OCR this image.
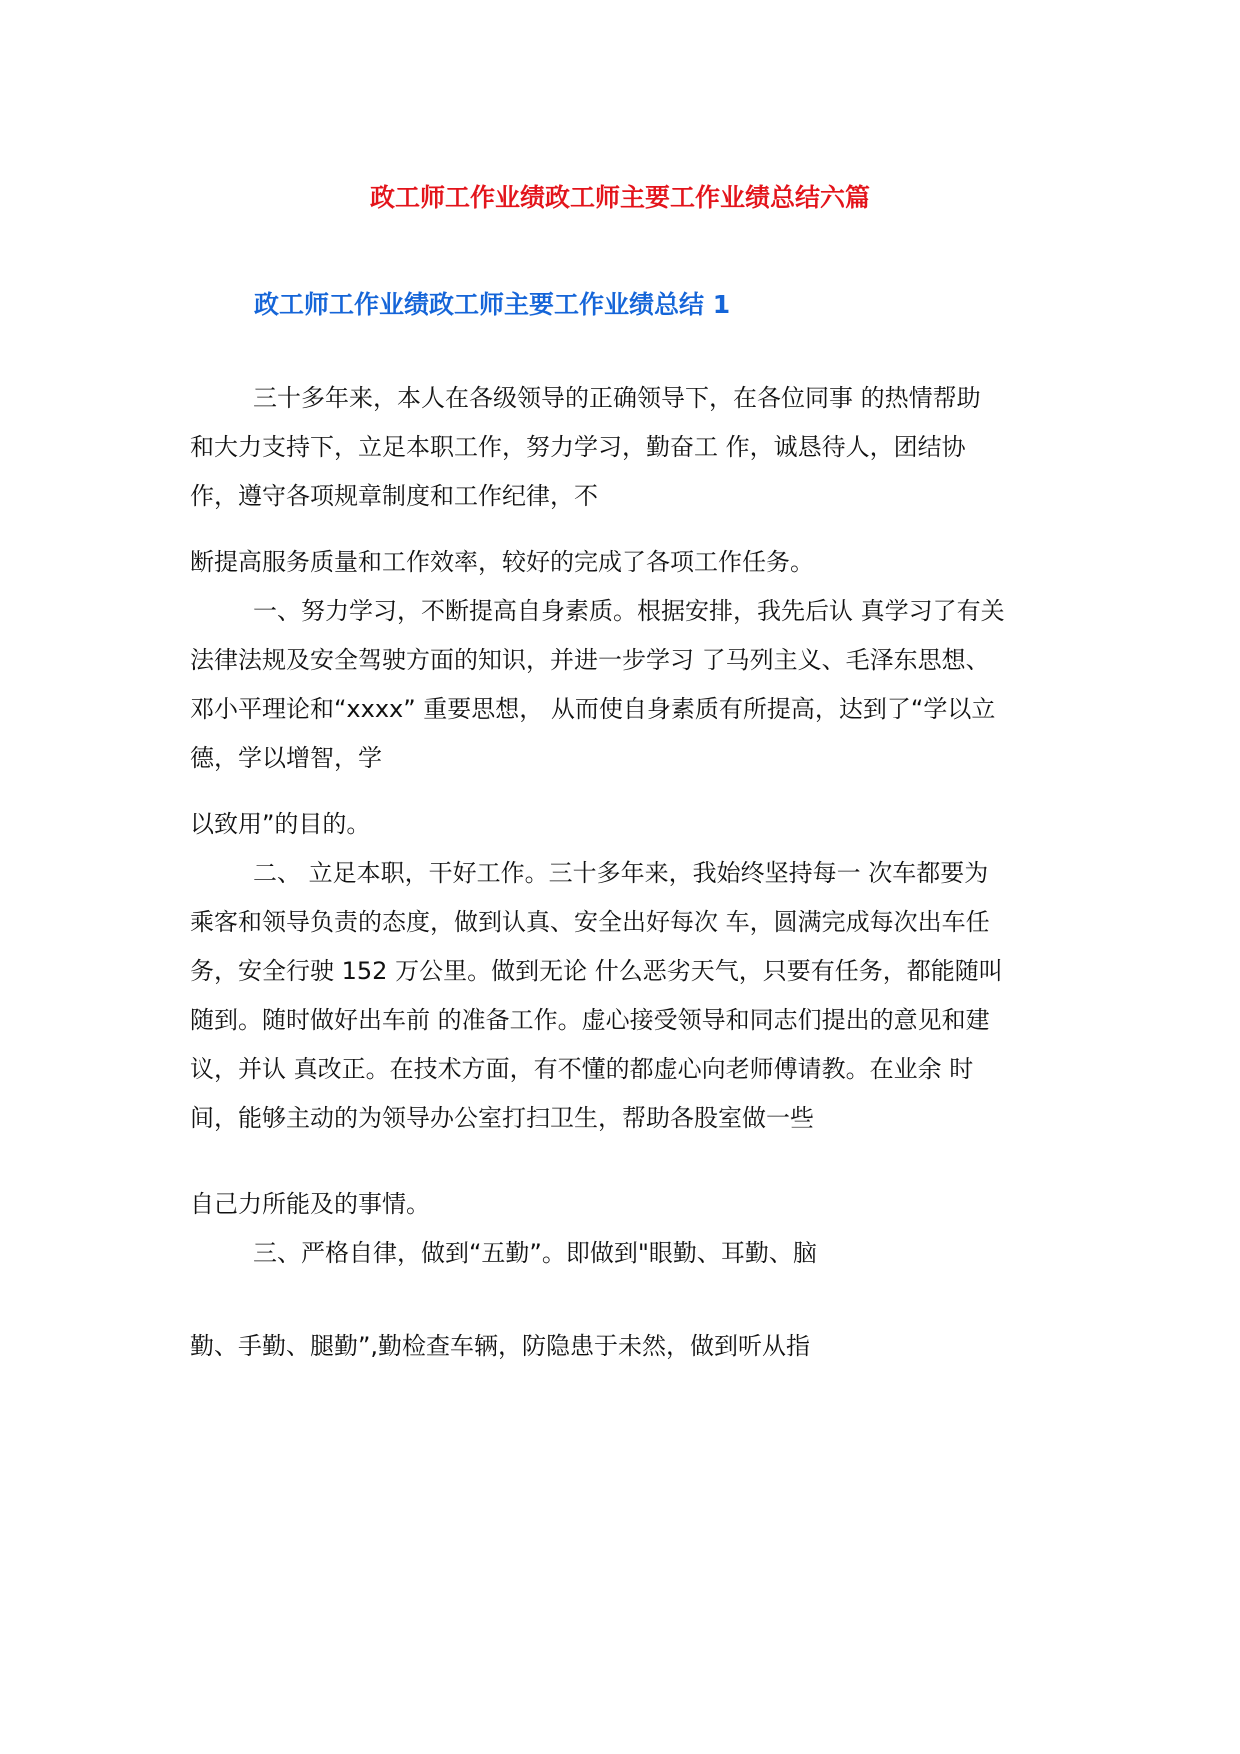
政工师工作业绩政工师主要工作业绩总结六篇
政工师工作业绩政工师主要工作业绩总结 1
三十多年来，本人在各级领导的正确领导下，在各位同事 的热情帮助
和大力支持下，立足本职工作，努力学习，勤奋工 作，诚恳待人，团结协
作，遵守各项规章制度和工作纪律，不
断提高服务质量和工作效率，较好的完成了各项工作任务。
一、努力学习，不断提高自身素质。根据安排，我先后认 真学习了有关
法律法规及安全驾驶方面的知识，并进一步学习 了马列主义、毛泽东思想、
邓小平理论和“xxxx” 重要思想， 从而使自身素质有所提高，达到了“学以立
德，学以增智，学
以致用”的目的。
二、 立足本职，干好工作。三十多年来，我始终坚持每一 次车都要为
乘客和领导负责的态度，做到认真、安全出好每次 车，圆满完成每次出车任
务，安全行驶 152 万公里。做到无论 什么恶劣天气，只要有任务，都能随叫
随到。随时做好出车前 的准备工作。虚心接受领导和同志们提出的意见和建
议，并认 真改正。在技术方面，有不懂的都虚心向老师傅请教。在业余 时
间，能够主动的为领导办公室打扫卫生，帮助各股室做一些
自己力所能及的事情。
三、严格自律，做到“五勤”。即做到"眼勤、耳勤、脑
勤、手勤、腿勤”,勤检查车辆，防隐患于未然，做到听从指
